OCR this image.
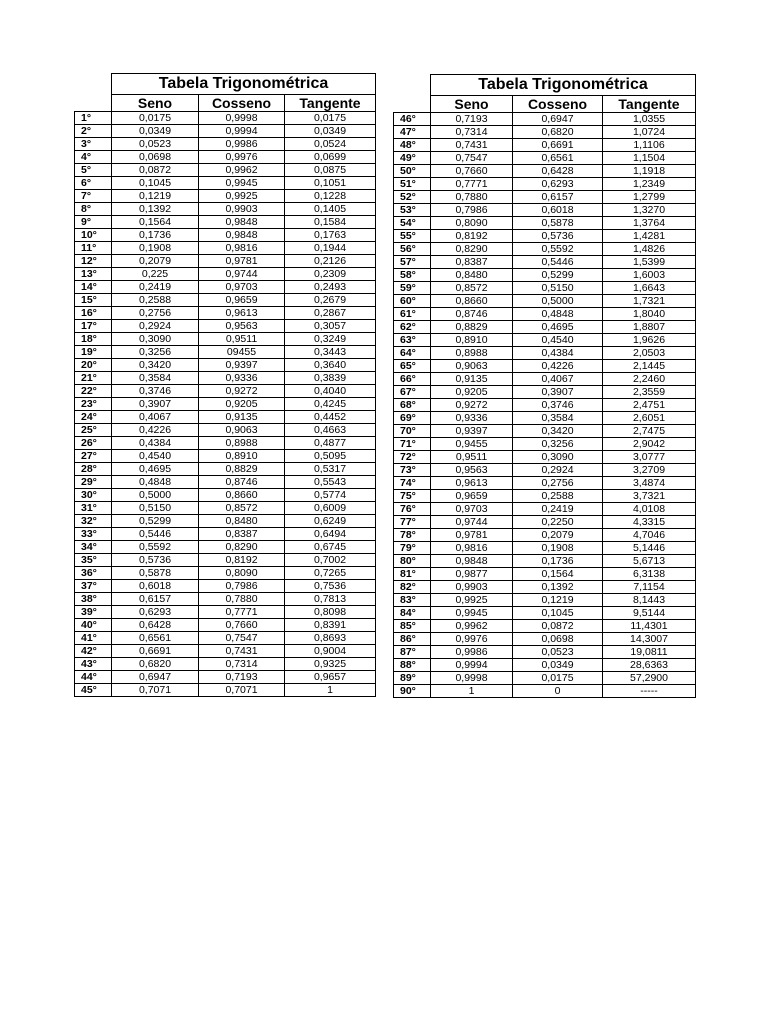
	Tabela Trigonométrica		
	Seno	Cosseno	Tangente
1°	0,0175	0,9998	0,0175
2°	0,0349	0,9994	0,0349
3°	0,0523	0,9986	0,0524
4°	0,0698	0,9976	0,0699
5°	0,0872	0,9962	0,0875
6°	0,1045	0,9945	0,1051
7°	0,1219	0,9925	0,1228
8°	0,1392	0,9903	0,1405
9°	0,1564	0,9848	0,1584
10°	0,1736	0,9848	0,1763
11°	0,1908	0,9816	0,1944
12°	0,2079	0,9781	0,2126
13°	0,225	0,9744	0,2309
14°	0,2419	0,9703	0,2493
15°	0,2588	0,9659	0,2679
16°	0,2756	0,9613	0,2867
17°	0,2924	0,9563	0,3057
18°	0,3090	0,9511	0,3249
19°	0,3256	09455	0,3443
20°	0,3420	0,9397	0,3640
21°	0,3584	0,9336	0,3839
22°	0,3746	0,9272	0,4040
23°	0,3907	0,9205	0,4245
24°	0,4067	0,9135	0,4452
25°	0,4226	0,9063	0,4663
26°	0,4384	0,8988	0,4877
27°	0,4540	0,8910	0,5095
28°	0,4695	0,8829	0,5317
29°	0,4848	0,8746	0,5543
30°	0,5000	0,8660	0,5774
31°	0,5150	0,8572	0,6009
32°	0,5299	0,8480	0,6249
33°	0,5446	0,8387	0,6494
34°	0,5592	0,8290	0,6745
35°	0,5736	0,8192	0,7002
36°	0,5878	0,8090	0,7265
37°	0,6018	0,7986	0,7536
38°	0,6157	0,7880	0,7813
39°	0,6293	0,7771	0,8098
40°	0,6428	0,7660	0,8391
41°	0,6561	0,7547	0,8693
42°	0,6691	0,7431	0,9004
43°	0,6820	0,7314	0,9325
44°	0,6947	0,7193	0,9657
45°	0,7071	0,7071	1
	Tabela Trigonométrica		
	Seno	Cosseno	Tangente
46°	0,7193	0,6947	1,0355
47°	0,7314	0,6820	1,0724
48°	0,7431	0,6691	1,1106
49°	0,7547	0,6561	1,1504
50°	0,7660	0,6428	1,1918
51°	0,7771	0,6293	1,2349
52°	0,7880	0,6157	1,2799
53°	0,7986	0,6018	1,3270
54°	0,8090	0,5878	1,3764
55°	0,8192	0,5736	1,4281
56°	0,8290	0,5592	1,4826
57°	0,8387	0,5446	1,5399
58°	0,8480	0,5299	1,6003
59°	0,8572	0,5150	1,6643
60°	0,8660	0,5000	1,7321
61°	0,8746	0,4848	1,8040
62°	0,8829	0,4695	1,8807
63°	0,8910	0,4540	1,9626
64°	0,8988	0,4384	2,0503
65°	0,9063	0,4226	2,1445
66°	0,9135	0,4067	2,2460
67°	0,9205	0,3907	2,3559
68°	0,9272	0,3746	2,4751
69°	0,9336	0,3584	2,6051
70°	0,9397	0,3420	2,7475
71°	0,9455	0,3256	2,9042
72°	0,9511	0,3090	3,0777
73°	0,9563	0,2924	3,2709
74°	0,9613	0,2756	3,4874
75°	0,9659	0,2588	3,7321
76°	0,9703	0,2419	4,0108
77°	0,9744	0,2250	4,3315
78°	0,9781	0,2079	4,7046
79°	0,9816	0,1908	5,1446
80°	0,9848	0,1736	5,6713
81°	0,9877	0,1564	6,3138
82°	0,9903	0,1392	7,1154
83°	0,9925	0,1219	8,1443
84°	0,9945	0,1045	9,5144
85°	0,9962	0,0872	11,4301
86°	0,9976	0,0698	14,3007
87°	0,9986	0,0523	19,0811
88°	0,9994	0,0349	28,6363
89°	0,9998	0,0175	57,2900
90°	1	0	-----
